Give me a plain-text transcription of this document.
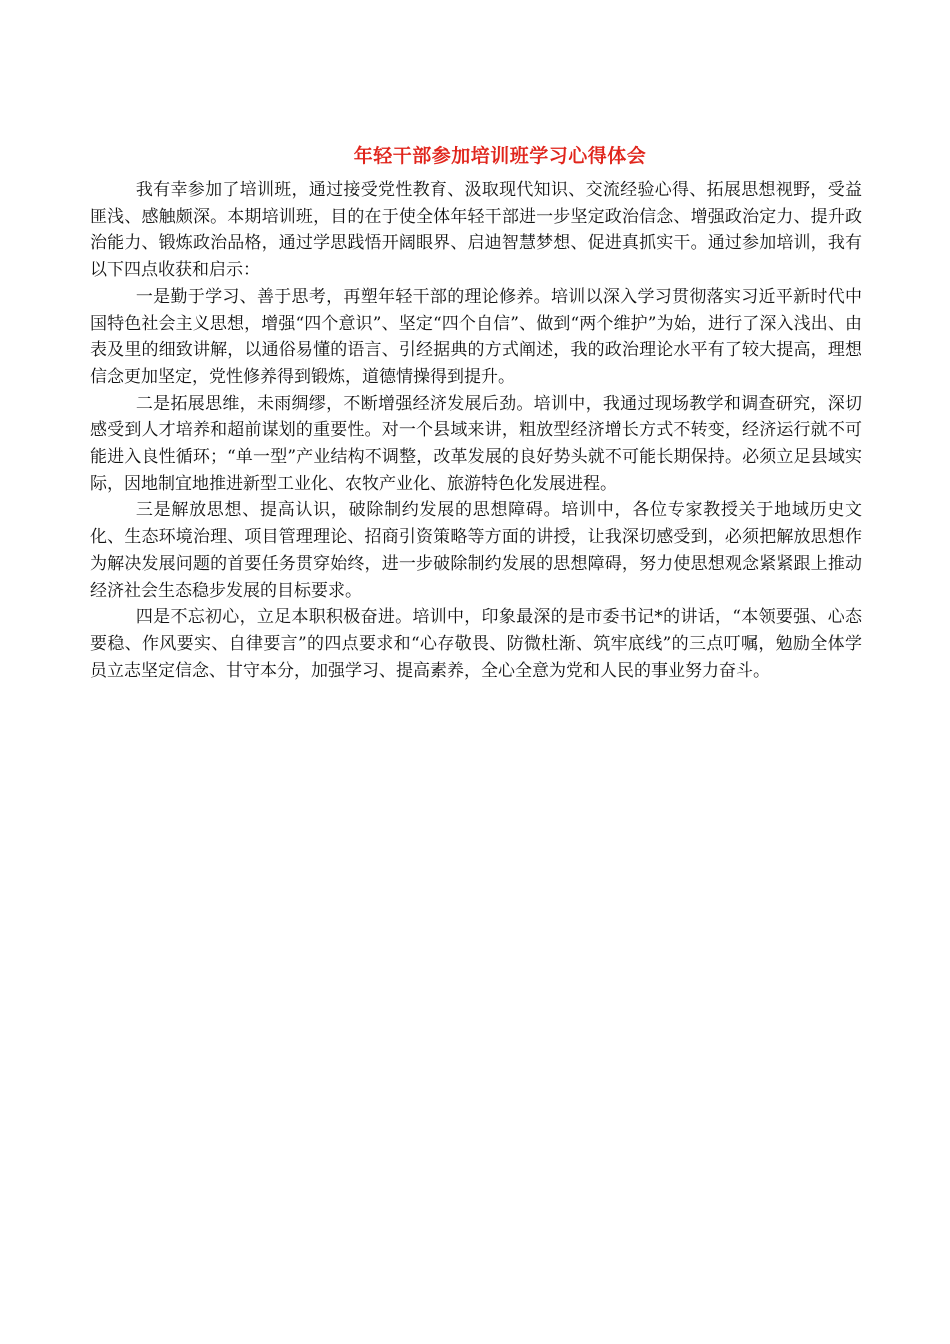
年轻干部参加培训班学习心得体会

我有幸参加了培训班，通过接受党性教育、汲取现代知识、交流经验心得、拓展思想视野，受益匪浅、感触颇深。本期培训班，目的在于使全体年轻干部进一步坚定政治信念、增强政治定力、提升政治能力、锻炼政治品格，通过学思践悟开阔眼界、启迪智慧梦想、促进真抓实干。通过参加培训，我有以下四点收获和启示：

一是勤于学习、善于思考，再塑年轻干部的理论修养。培训以深入学习贯彻落实习近平新时代中国特色社会主义思想，增强“四个意识”、坚定“四个自信”、做到“两个维护”为始，进行了深入浅出、由表及里的细致讲解，以通俗易懂的语言、引经据典的方式阐述，我的政治理论水平有了较大提高，理想信念更加坚定，党性修养得到锻炼，道德情操得到提升。

二是拓展思维，未雨绸缪，不断增强经济发展后劲。培训中，我通过现场教学和调查研究，深切感受到人才培养和超前谋划的重要性。对一个县域来讲，粗放型经济增长方式不转变，经济运行就不可能进入良性循环；“单一型”产业结构不调整，改革发展的良好势头就不可能长期保持。必须立足县域实际，因地制宜地推进新型工业化、农牧产业化、旅游特色化发展进程。

三是解放思想、提高认识，破除制约发展的思想障碍。培训中，各位专家教授关于地域历史文化、生态环境治理、项目管理理论、招商引资策略等方面的讲授，让我深切感受到，必须把解放思想作为解决发展问题的首要任务贯穿始终，进一步破除制约发展的思想障碍，努力使思想观念紧紧跟上推动经济社会生态稳步发展的目标要求。

四是不忘初心，立足本职积极奋进。培训中，印象最深的是市委书记*的讲话，“本领要强、心态要稳、作风要实、自律要言”的四点要求和“心存敬畏、防微杜渐、筑牢底线”的三点叮嘱，勉励全体学员立志坚定信念、甘守本分，加强学习、提高素养，全心全意为党和人民的事业努力奋斗。
